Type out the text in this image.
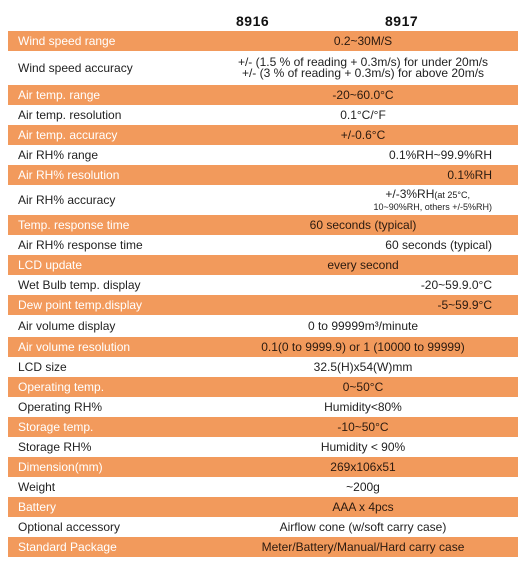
8916	8917
Wind speed range	0.2~30M/S
Wind speed accuracy	+/- (1.5 % of reading + 0.3m/s) for under 20m/s
+/- (3 % of reading + 0.3m/s) for above 20m/s

Air temp. range	-20~60.0°C
Air temp. resolution	0.1°C/°F
Air temp. accuracy	+/-0.6°C
Air RH% range	0.1%RH~99.9%RH
Air RH% resolution	0.1%RH
Air RH% accuracy	+/-3%RH(at 25°C,
10~90%RH, others +/-5%RH)

Temp. response time	60 seconds (typical)
Air RH% response time	60 seconds (typical)
LCD update	every second
Wet Bulb temp. display	-20~59.9.0°C
Dew point temp.display	-5~59.9°C
Air volume display	0 to 99999m³/minute
Air volume resolution	0.1(0 to 9999.9) or 1 (10000 to 99999)
LCD size	32.5(H)x54(W)mm
Operating temp.	0~50°C
Operating RH%	Humidity<80%
Storage temp.	-10~50°C
Storage RH%	Humidity < 90%
Dimension(mm)	269x106x51
Weight	~200g
Battery	AAA x 4pcs
Optional accessory	Airflow cone (w/soft carry case)
Standard Package	Meter/Battery/Manual/Hard carry case
